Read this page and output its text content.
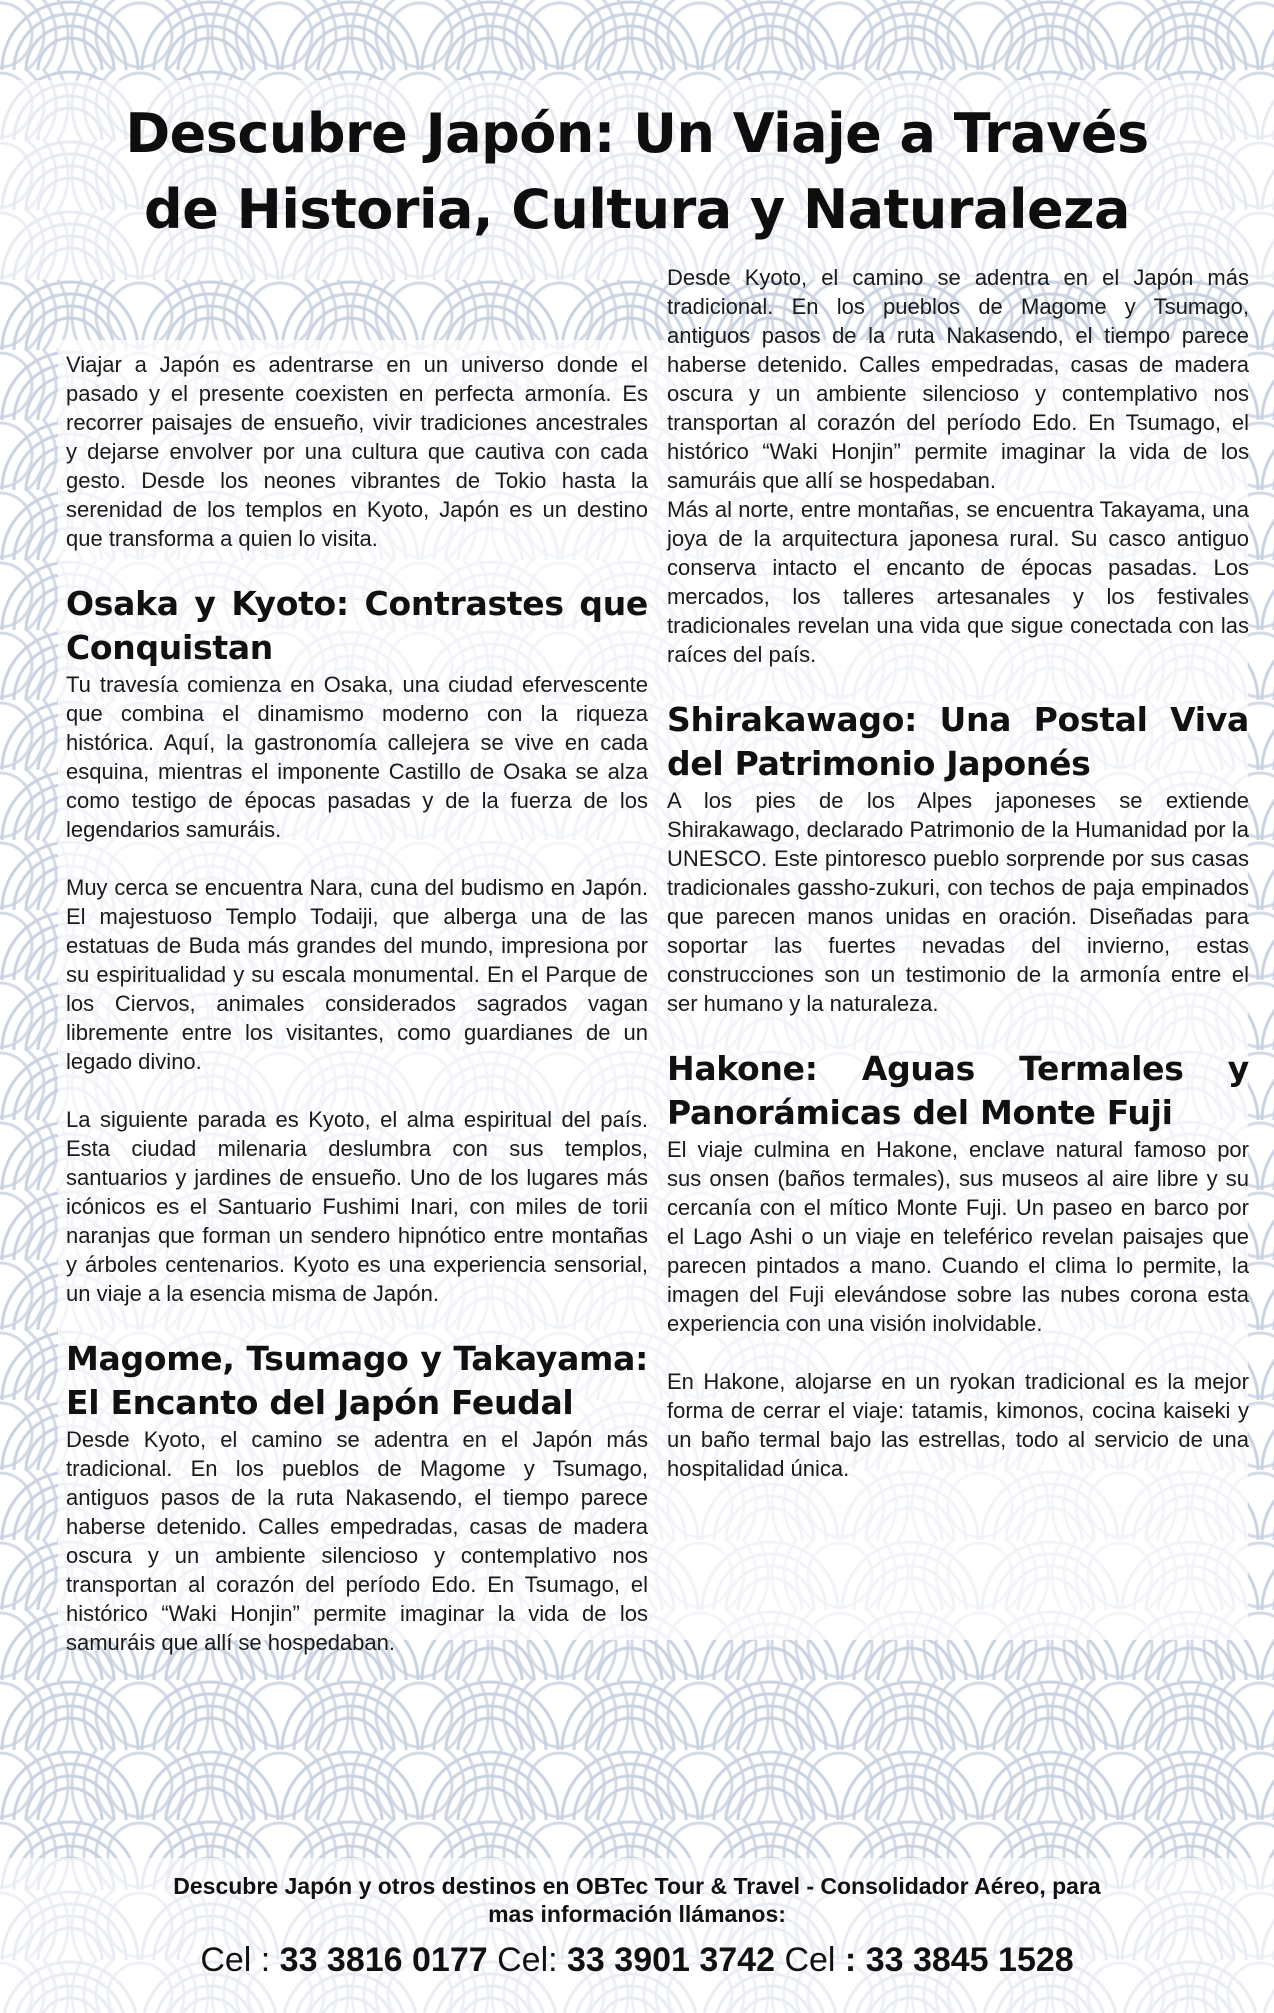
Descubre Japón: Un Viaje a Través
de Historia, Cultura y Naturaleza

Viajar a Japón es adentrarse en un universo donde el pasado y el presente coexisten en perfecta armonía. Es recorrer paisajes de ensueño, vivir tradiciones ancestrales y dejarse envolver por una cultura que cautiva con cada gesto. Desde los neones vibrantes de Tokio hasta la serenidad de los templos en Kyoto, Japón es un destino que transforma a quien lo visita.

Osaka y Kyoto: Contrastes que Conquistan

Tu travesía comienza en Osaka, una ciudad efervescente que combina el dinamismo moderno con la riqueza histórica. Aquí, la gastronomía callejera se vive en cada esquina, mientras el imponente Castillo de Osaka se alza como testigo de épocas pasadas y de la fuerza de los legendarios samuráis.

Muy cerca se encuentra Nara, cuna del budismo en Japón. El majestuoso Templo Todaiji, que alberga una de las estatuas de Buda más grandes del mundo, impresiona por su espiritualidad y su escala monumental. En el Parque de los Ciervos, animales considerados sagrados vagan libremente entre los visitantes, como guardianes de un legado divino.

La siguiente parada es Kyoto, el alma espiritual del país. Esta ciudad milenaria deslumbra con sus templos, santuarios y jardines de ensueño. Uno de los lugares más icónicos es el Santuario Fushimi Inari, con miles de torii naranjas que forman un sendero hipnótico entre montañas y árboles centenarios. Kyoto es una experiencia sensorial, un viaje a la esencia misma de Japón.

Magome, Tsumago y Takayama: El Encanto del Japón Feudal

Desde Kyoto, el camino se adentra en el Japón más tradicional. En los pueblos de Magome y Tsumago, antiguos pasos de la ruta Nakasendo, el tiempo parece haberse detenido. Calles empedradas, casas de madera oscura y un ambiente silencioso y contemplativo nos transportan al corazón del período Edo. En Tsumago, el histórico “Waki Honjin” permite imaginar la vida de los samuráis que allí se hospedaban.

Desde Kyoto, el camino se adentra en el Japón más tradicional. En los pueblos de Magome y Tsumago, antiguos pasos de la ruta Nakasendo, el tiempo parece haberse detenido. Calles empedradas, casas de madera oscura y un ambiente silencioso y contemplativo nos transportan al corazón del período Edo. En Tsumago, el histórico “Waki Honjin” permite imaginar la vida de los samuráis que allí se hospedaban.

Más al norte, entre montañas, se encuentra Takayama, una joya de la arquitectura japonesa rural. Su casco antiguo conserva intacto el encanto de épocas pasadas. Los mercados, los talleres artesanales y los festivales tradicionales revelan una vida que sigue conectada con las raíces del país.

Shirakawago: Una Postal Viva del Patrimonio Japonés

A los pies de los Alpes japoneses se extiende Shirakawago, declarado Patrimonio de la Humanidad por la UNESCO. Este pintoresco pueblo sorprende por sus casas tradicionales gassho-zukuri, con techos de paja empinados que parecen manos unidas en oración. Diseñadas para soportar las fuertes nevadas del invierno, estas construcciones son un testimonio de la armonía entre el ser humano y la naturaleza.

Hakone: Aguas Termales y Panorámicas del Monte Fuji

El viaje culmina en Hakone, enclave natural famoso por sus onsen (baños termales), sus museos al aire libre y su cercanía con el mítico Monte Fuji. Un paseo en barco por el Lago Ashi o un viaje en teleférico revelan paisajes que parecen pintados a mano. Cuando el clima lo permite, la imagen del Fuji elevándose sobre las nubes corona esta experiencia con una visión inolvidable.

En Hakone, alojarse en un ryokan tradicional es la mejor forma de cerrar el viaje: tatamis, kimonos, cocina kaiseki y un baño termal bajo las estrellas, todo al servicio de una hospitalidad única.

Descubre Japón y otros destinos en OBTec Tour & Travel - Consolidador Aéreo, para
mas información llámanos:
Cel : 33 3816 0177 Cel: 33 3901 3742 Cel : 33 3845 1528
